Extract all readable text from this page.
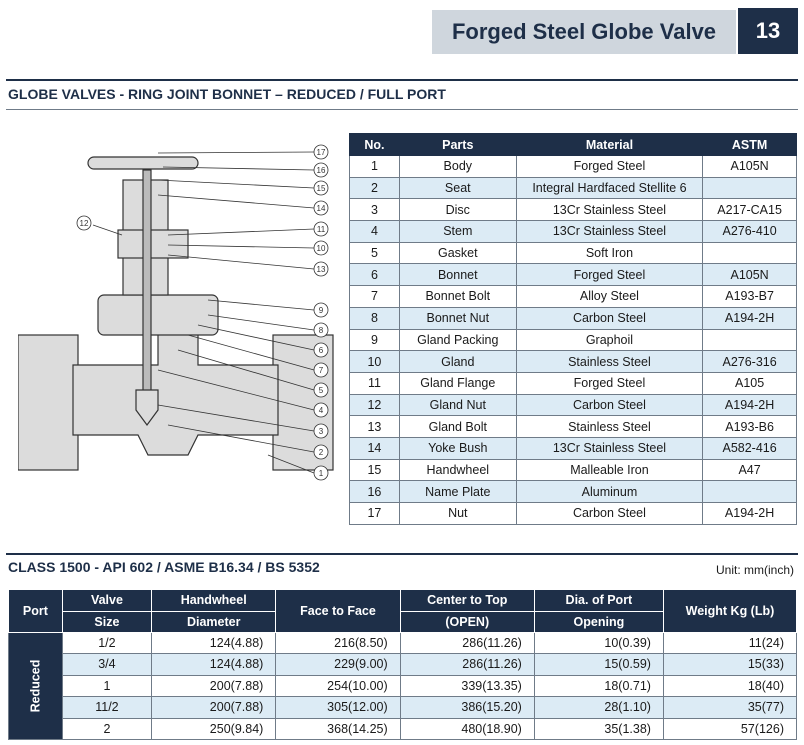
Forged Steel Globe Valve	13
GLOBE VALVES - RING JOINT BONNET – REDUCED / FULL PORT
17
16
15
14
12
11
10
13
9
8
6
7
5
4
3
2
1
No.	Parts	Material	ASTM
1	Body	Forged Steel	A105N
2	Seat	Integral Hardfaced Stellite 6	
3	Disc	13Cr Stainless Steel	A217-CA15
4	Stem	13Cr Stainless Steel	A276-410
5	Gasket	Soft Iron	
6	Bonnet	Forged Steel	A105N
7	Bonnet Bolt	Alloy Steel	A193-B7
8	Bonnet Nut	Carbon Steel	A194-2H
9	Gland Packing	Graphoil	
10	Gland	Stainless Steel	A276-316
11	Gland Flange	Forged Steel	A105
12	Gland Nut	Carbon Steel	A194-2H
13	Gland Bolt	Stainless Steel	A193-B6
14	Yoke Bush	13Cr Stainless Steel	A582-416
15	Handwheel	Malleable Iron	A47
16	Name Plate	Aluminum	
17	Nut	Carbon Steel	A194-2H
CLASS 1500 - API 602 / ASME B16.34 / BS 5352	Unit: mm(inch)
Port	Valve	Handwheel	Face to Face	Center to Top	Dia. of Port	Weight Kg (Lb)
	Size	Diameter		(OPEN)	Opening	
Reduced	1/2	124(4.88)	216(8.50)	286(11.26)	10(0.39)	11(24)
	3/4	124(4.88)	229(9.00)	286(11.26)	15(0.59)	15(33)
	1	200(7.88)	254(10.00)	339(13.35)	18(0.71)	18(40)
	11/2	200(7.88)	305(12.00)	386(15.20)	28(1.10)	35(77)
	2	250(9.84)	368(14.25)	480(18.90)	35(1.38)	57(126)
